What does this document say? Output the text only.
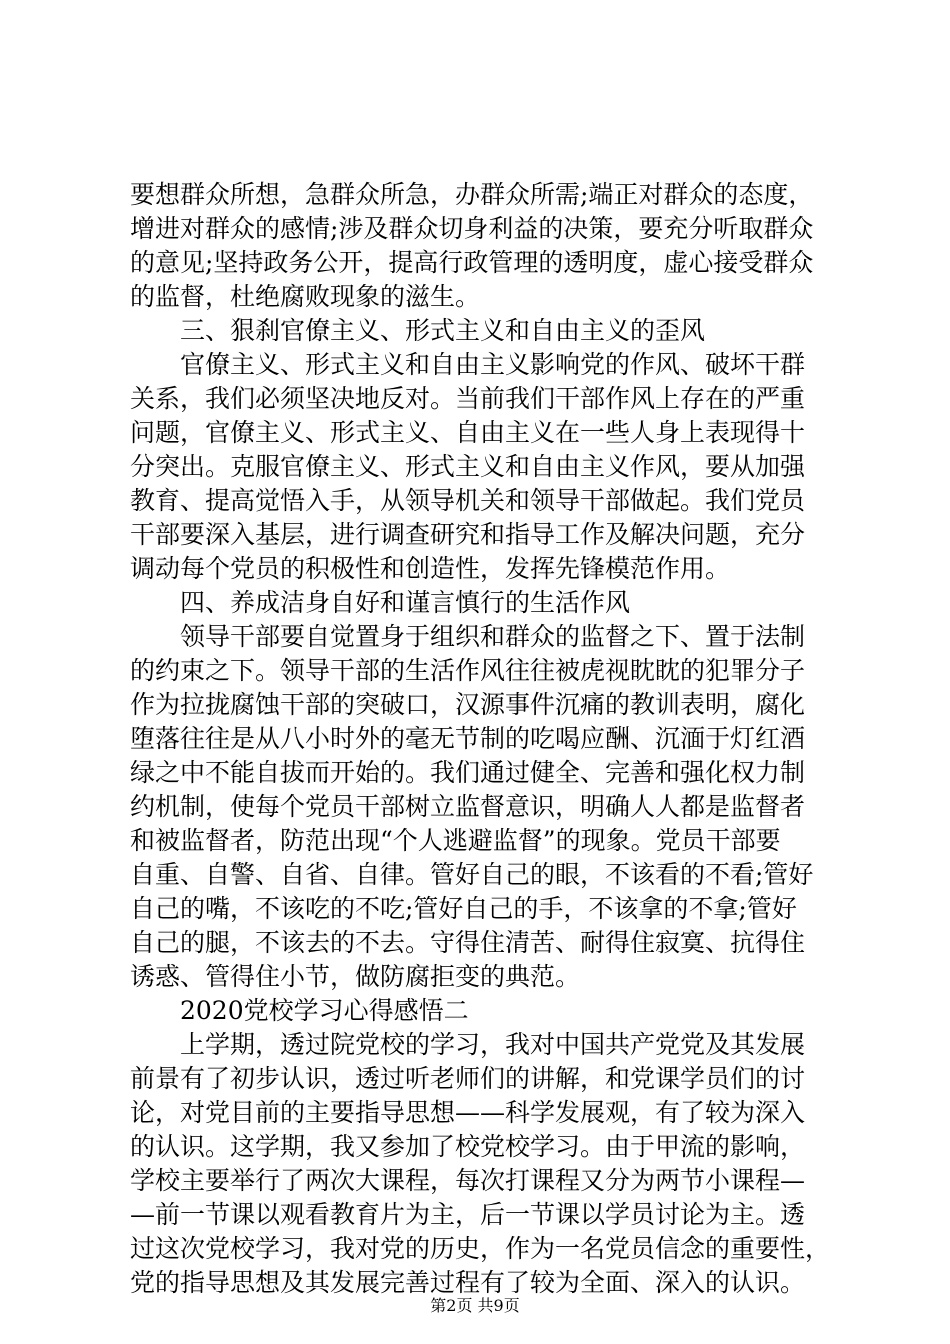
要想群众所想，急群众所急，办群众所需;端正对群众的态度，
增进对群众的感情;涉及群众切身利益的决策，要充分听取群众
的意见;坚持政务公开，提高行政管理的透明度，虚心接受群众
的监督，杜绝腐败现象的滋生。
三、狠刹官僚主义、形式主义和自由主义的歪风
官僚主义、形式主义和自由主义影响党的作风、破坏干群
关系，我们必须坚决地反对。当前我们干部作风上存在的严重
问题，官僚主义、形式主义、自由主义在一些人身上表现得十
分突出。克服官僚主义、形式主义和自由主义作风，要从加强
教育、提高觉悟入手，从领导机关和领导干部做起。我们党员
干部要深入基层，进行调查研究和指导工作及解决问题，充分
调动每个党员的积极性和创造性，发挥先锋模范作用。
四、养成洁身自好和谨言慎行的生活作风
领导干部要自觉置身于组织和群众的监督之下、置于法制
的约束之下。领导干部的生活作风往往被虎视眈眈的犯罪分子
作为拉拢腐蚀干部的突破口，汉源事件沉痛的教训表明，腐化
堕落往往是从八小时外的毫无节制的吃喝应酬、沉湎于灯红酒
绿之中不能自拔而开始的。我们通过健全、完善和强化权力制
约机制，使每个党员干部树立监督意识，明确人人都是监督者
和被监督者，防范出现“个人逃避监督”的现象。党员干部要
自重、自警、自省、自律。管好自己的眼，不该看的不看;管好
自己的嘴，不该吃的不吃;管好自己的手，不该拿的不拿;管好
自己的腿，不该去的不去。守得住清苦、耐得住寂寞、抗得住
诱惑、管得住小节，做防腐拒变的典范。
2020党校学习心得感悟二
上学期，透过院党校的学习，我对中国共产党党及其发展
前景有了初步认识，透过听老师们的讲解，和党课学员们的讨
论，对党目前的主要指导思想——科学发展观，有了较为深入
的认识。这学期，我又参加了校党校学习。由于甲流的影响，
学校主要举行了两次大课程，每次打课程又分为两节小课程—
—前一节课以观看教育片为主，后一节课以学员讨论为主。透
过这次党校学习，我对党的历史，作为一名党员信念的重要性，
第2页 共9页
党的指导思想及其发展完善过程有了较为全面、深入的认识。
